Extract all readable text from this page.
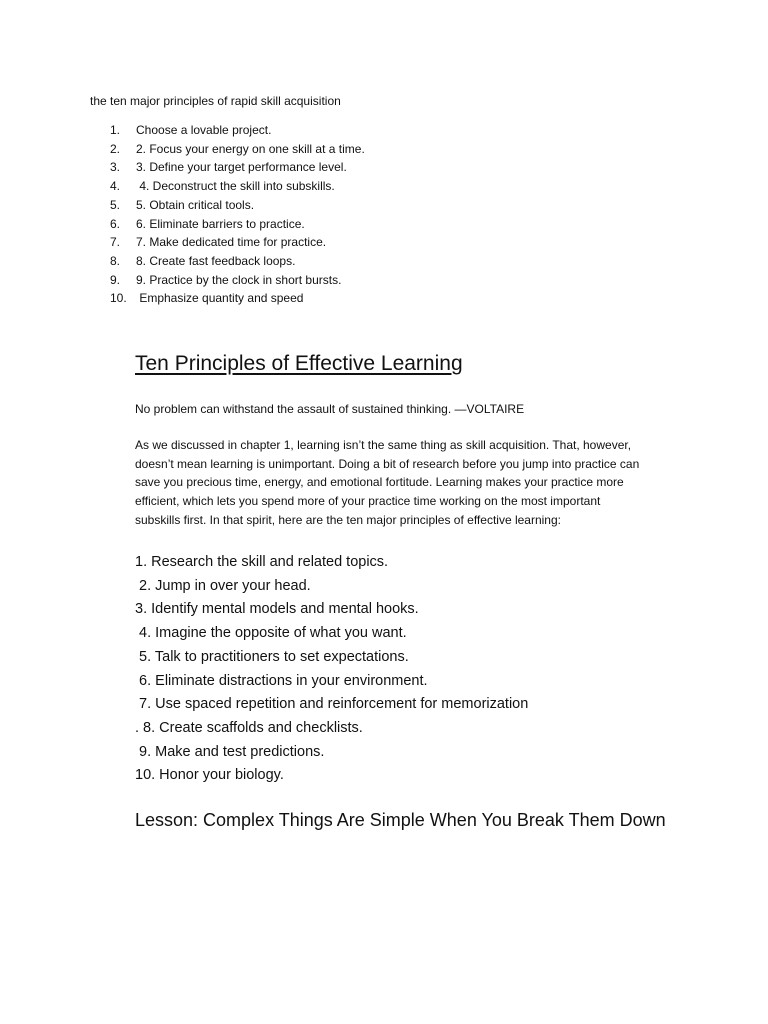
the ten major principles of rapid skill acquisition
1.	Choose a lovable project.
2.	2. Focus your energy on one skill at a time.
3.	3. Define your target performance level.
4.	4. Deconstruct the skill into subskills.
5.	5. Obtain critical tools.
6.	6. Eliminate barriers to practice.
7.	7. Make dedicated time for practice.
8.	8. Create fast feedback loops.
9.	9. Practice by the clock in short bursts.
10. Emphasize quantity and speed
Ten Principles of Effective Learning
No problem can withstand the assault of sustained thinking. —VOLTAIRE
As we discussed in chapter 1, learning isn’t the same thing as skill acquisition. That, however,
doesn’t mean learning is unimportant. Doing a bit of research before you jump into practice can
save you precious time, energy, and emotional fortitude. Learning makes your practice more
efficient, which lets you spend more of your practice time working on the most important
subskills first. In that spirit, here are the ten major principles of effective learning:
1. Research the skill and related topics.
2. Jump in over your head.
3. Identify mental models and mental hooks.
4. Imagine the opposite of what you want.
5. Talk to practitioners to set expectations.
6. Eliminate distractions in your environment.
7. Use spaced repetition and reinforcement for memorization
. 8. Create scaffolds and checklists.
9. Make and test predictions.
10. Honor your biology.
Lesson: Complex Things Are Simple When You Break Them Down
